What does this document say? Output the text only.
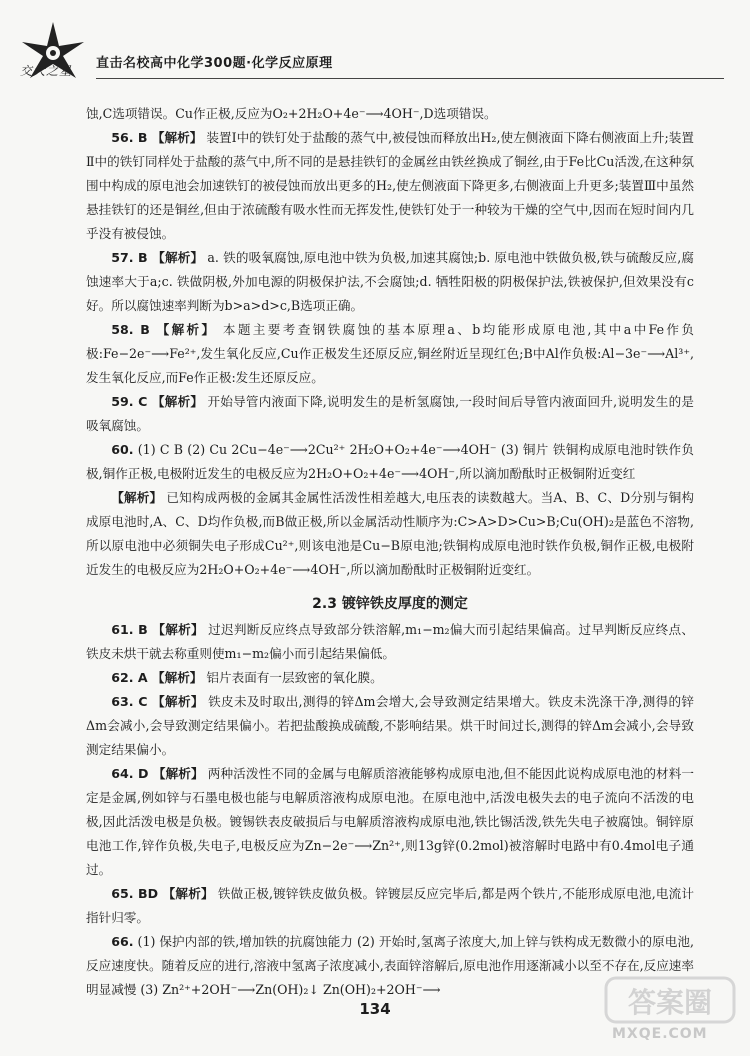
交大之星 直击名校高中化学300题·化学反应原理

蚀,C选项错误。Cu作正极,反应为O₂+2H₂O+4e⁻⟶4OH⁻,D选项错误。

56. B 【解析】 装置Ⅰ中的铁钉处于盐酸的蒸气中,被侵蚀而释放出H₂,使左侧液面下降右侧液面上升;装置Ⅱ中的铁钉同样处于盐酸的蒸气中,所不同的是悬挂铁钉的金属丝由铁丝换成了铜丝,由于Fe比Cu活泼,在这种氛围中构成的原电池会加速铁钉的被侵蚀而放出更多的H₂,使左侧液面下降更多,右侧液面上升更多;装置Ⅲ中虽然悬挂铁钉的还是铜丝,但由于浓硫酸有吸水性而无挥发性,使铁钉处于一种较为干燥的空气中,因而在短时间内几乎没有被侵蚀。

57. B 【解析】 a. 铁的吸氧腐蚀,原电池中铁为负极,加速其腐蚀;b. 原电池中铁做负极,铁与硫酸反应,腐蚀速率大于a;c. 铁做阴极,外加电源的阴极保护法,不会腐蚀;d. 牺牲阳极的阴极保护法,铁被保护,但效果没有c好。所以腐蚀速率判断为b>a>d>c,B选项正确。

58. B 【解析】 本题主要考查钢铁腐蚀的基本原理a、b均能形成原电池,其中a中Fe作负极:Fe−2e⁻⟶Fe²⁺,发生氧化反应,Cu作正极发生还原反应,铜丝附近呈现红色;B中Al作负极:Al−3e⁻⟶Al³⁺,发生氧化反应,而Fe作正极:发生还原反应。

59. C 【解析】 开始导管内液面下降,说明发生的是析氢腐蚀,一段时间后导管内液面回升,说明发生的是吸氧腐蚀。

60. (1) C B (2) Cu 2Cu−4e⁻⟶2Cu²⁺ 2H₂O+O₂+4e⁻⟶4OH⁻ (3) 铜片 铁铜构成原电池时铁作负极,铜作正极,电极附近发生的电极反应为2H₂O+O₂+4e⁻⟶4OH⁻,所以滴加酚酞时正极铜附近变红

【解析】 已知构成两极的金属其金属性活泼性相差越大,电压表的读数越大。当A、B、C、D分别与铜构成原电池时,A、C、D均作负极,而B做正极,所以金属活动性顺序为:C>A>D>Cu>B;Cu(OH)₂是蓝色不溶物,所以原电池中必须铜失电子形成Cu²⁺,则该电池是Cu−B原电池;铁铜构成原电池时铁作负极,铜作正极,电极附近发生的电极反应为2H₂O+O₂+4e⁻⟶4OH⁻,所以滴加酚酞时正极铜附近变红。

2.3 镀锌铁皮厚度的测定

61. B 【解析】 过迟判断反应终点导致部分铁溶解,m₁−m₂偏大而引起结果偏高。过早判断反应终点、铁皮未烘干就去称重则使m₁−m₂偏小而引起结果偏低。

62. A 【解析】 铝片表面有一层致密的氧化膜。

63. C 【解析】 铁皮未及时取出,测得的锌Δm会增大,会导致测定结果增大。铁皮未洗涤干净,测得的锌Δm会减小,会导致测定结果偏小。若把盐酸换成硫酸,不影响结果。烘干时间过长,测得的锌Δm会减小,会导致测定结果偏小。

64. D 【解析】 两种活泼性不同的金属与电解质溶液能够构成原电池,但不能因此说构成原电池的材料一定是金属,例如锌与石墨电极也能与电解质溶液构成原电池。在原电池中,活泼电极失去的电子流向不活泼的电极,因此活泼电极是负极。镀锡铁表皮破损后与电解质溶液构成原电池,铁比锡活泼,铁先失电子被腐蚀。铜锌原电池工作,锌作负极,失电子,电极反应为Zn−2e⁻⟶Zn²⁺,则13g锌(0.2mol)被溶解时电路中有0.4mol电子通过。

65. BD 【解析】 铁做正极,镀锌铁皮做负极。锌镀层反应完毕后,都是两个铁片,不能形成原电池,电流计指针归零。

66. (1) 保护内部的铁,增加铁的抗腐蚀能力 (2) 开始时,氢离子浓度大,加上锌与铁构成无数微小的原电池,反应速度快。随着反应的进行,溶液中氢离子浓度减小,表面锌溶解后,原电池作用逐渐减小以至不存在,反应速率明显减慢 (3) Zn²⁺+2OH⁻⟶Zn(OH)₂↓ Zn(OH)₂+2OH⁻⟶

134	答案圈
MXQE.COM
